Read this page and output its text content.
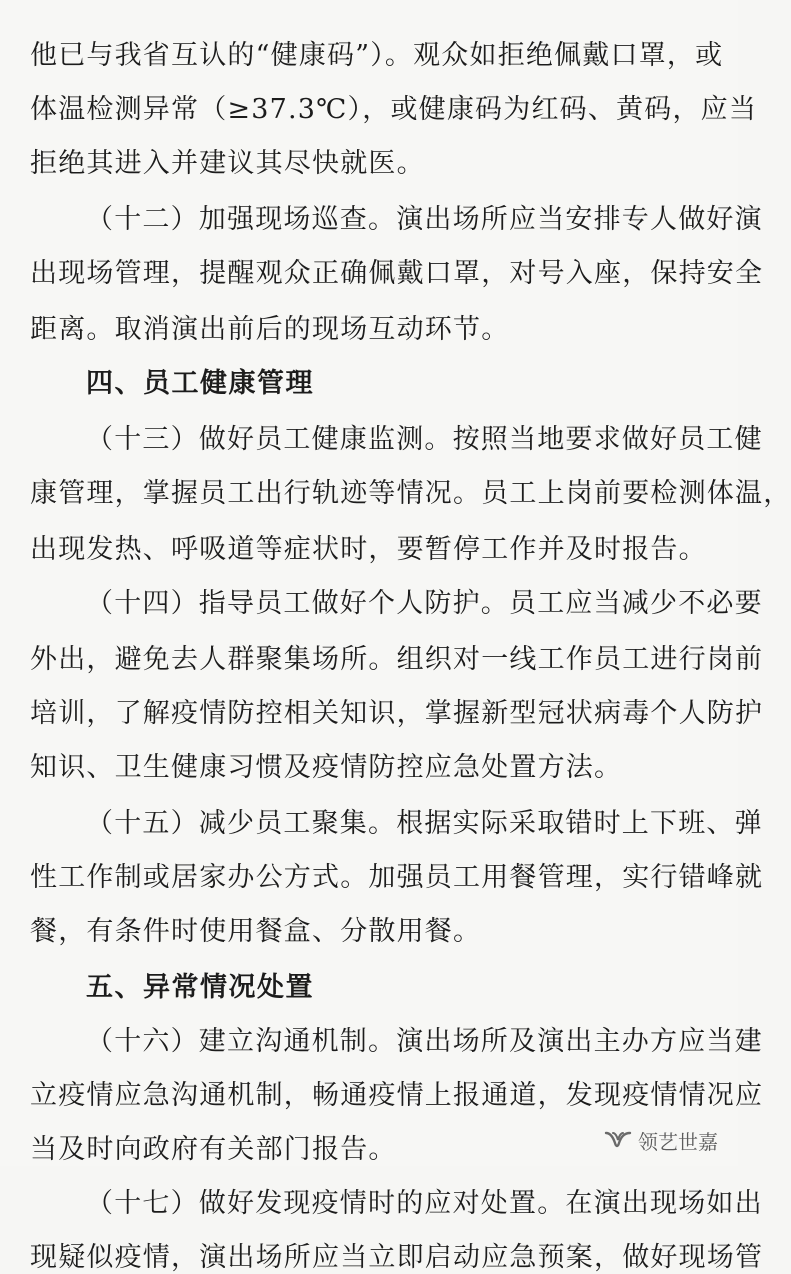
他已与我省互认的“健康码”）。观众如拒绝佩戴口罩，或
体温检测异常（≥37.3℃），或健康码为红码、黄码，应当
拒绝其进入并建议其尽快就医。
（十二）加强现场巡查。演出场所应当安排专人做好演
出现场管理，提醒观众正确佩戴口罩，对号入座，保持安全
距离。取消演出前后的现场互动环节。
四、员工健康管理
（十三）做好员工健康监测。按照当地要求做好员工健
康管理，掌握员工出行轨迹等情况。员工上岗前要检测体温，
出现发热、呼吸道等症状时，要暂停工作并及时报告。
（十四）指导员工做好个人防护。员工应当减少不必要
外出，避免去人群聚集场所。组织对一线工作员工进行岗前
培训，了解疫情防控相关知识，掌握新型冠状病毒个人防护
知识、卫生健康习惯及疫情防控应急处置方法。
（十五）减少员工聚集。根据实际采取错时上下班、弹
性工作制或居家办公方式。加强员工用餐管理，实行错峰就
餐，有条件时使用餐盒、分散用餐。
五、异常情况处置
（十六）建立沟通机制。演出场所及演出主办方应当建
立疫情应急沟通机制，畅通疫情上报通道，发现疫情情况应
当及时向政府有关部门报告。
（十七）做好发现疫情时的应对处置。在演出现场如出
现疑似疫情，演出场所应当立即启动应急预案，做好现场管
领艺世嘉
